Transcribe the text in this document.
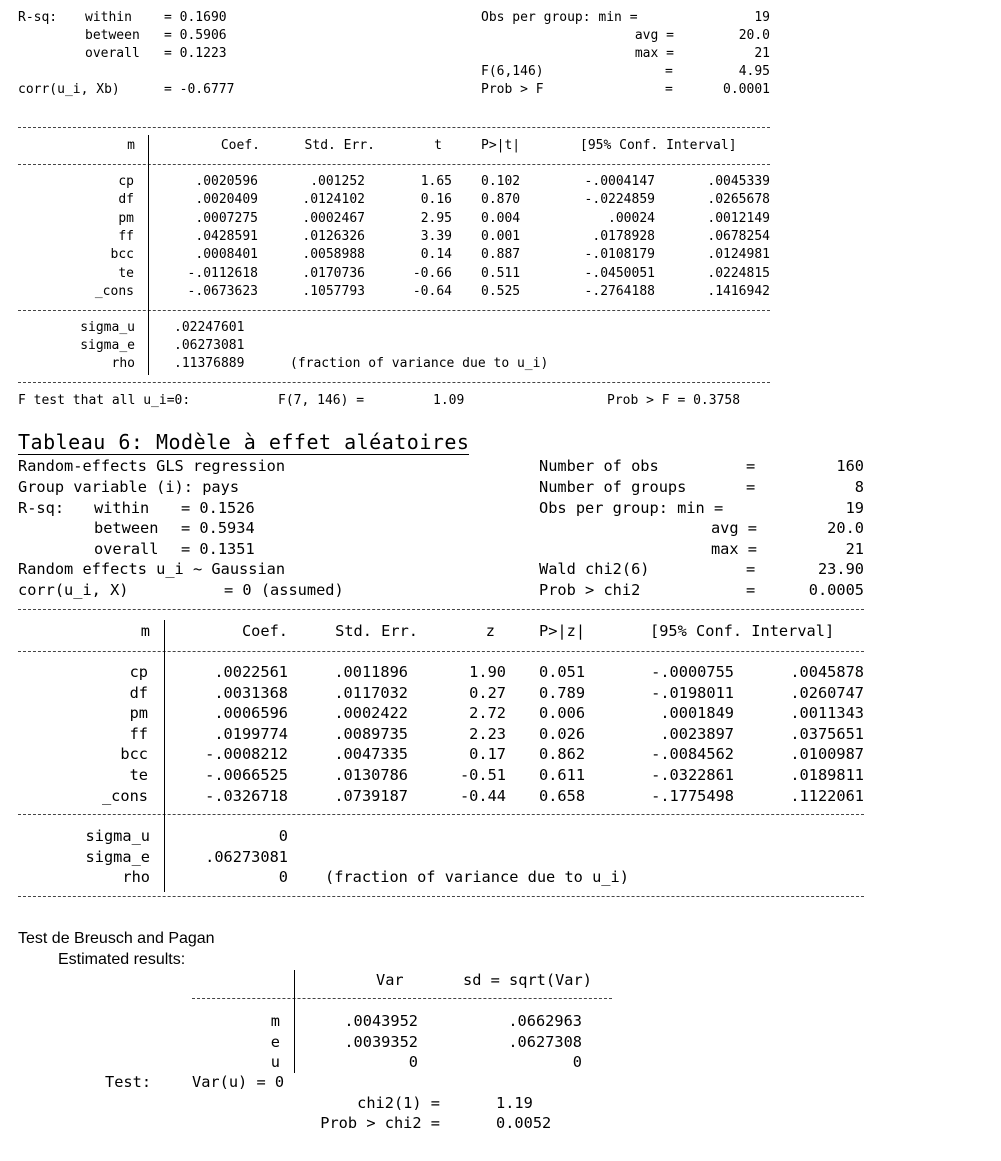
R-sq: within = 0.1690
between = 0.5906
overall = 0.1223
corr(u_i, Xb)	= -0.6777
Obs per group: min =	19
avg =	20.0
max =	21
F(6,146)	=	4.95
Prob > F	=	0.0001
m	Coef.	Std. Err.	t	P>|t|	[95% Conf. Interval]
cp	.0020596	.001252	1.65 0.102	-.0004147	.0045339
df	.0020409	.0124102	0.16 0.870	-.0224859	.0265678
pm	.0007275	.0002467	2.95 0.004	.00024	.0012149
ff	.0428591	.0126326	3.39 0.001	.0178928	.0678254
bcc	.0008401	.0058988	0.14 0.887	-.0108179	.0124981
te	-.0112618	.0170736	-0.66 0.511	-.0450051	.0224815
_cons	-.0673623	.1057793	-0.64 0.525	-.2764188	.1416942
sigma_u	.02247601
sigma_e	.06273081
rho	.11376889	(fraction of variance due to u_i)
F test that all u_i=0:	F(7, 146) =	1.09	Prob > F = 0.3758
Tableau 6: Modèle à effet aléatoires
Random-effects GLS regression	Number of obs	=	160
Group variable (i): pays	Number of groups	=	8
R-sq: within = 0.1526	Obs per group: min =	19
between = 0.5934	avg =	20.0
overall = 0.1351	max =	21
Random effects u_i ~ Gaussian	Wald chi2(6)	=	23.90
corr(u_i, X)	= 0 (assumed)	Prob > chi2	=	0.0005
m	Coef.	Std. Err.	z	P>|z|	[95% Conf. Interval]
cp	.0022561	.0011896	1.90 0.051	-.0000755	.0045878
df	.0031368	.0117032	0.27 0.789	-.0198011	.0260747
pm	.0006596	.0002422	2.72 0.006	.0001849	.0011343
ff	.0199774	.0089735	2.23 0.026	.0023897	.0375651
bcc	-.0008212	.0047335	0.17 0.862	-.0084562	.0100987
te	-.0066525	.0130786	-0.51 0.611	-.0322861	.0189811
_cons	-.0326718	.0739187	-0.44 0.658	-.1775498	.1122061
sigma_u	0
sigma_e	.06273081
rho	0 (fraction of variance due to u_i)
Test de Breusch and Pagan
Estimated results:
Var	sd = sqrt(Var)
m	.0043952	.0662963
e	.0039352	.0627308
u	0	0
Test:	Var(u) = 0
chi2(1) =	1.19
Prob > chi2 =	0.0052
